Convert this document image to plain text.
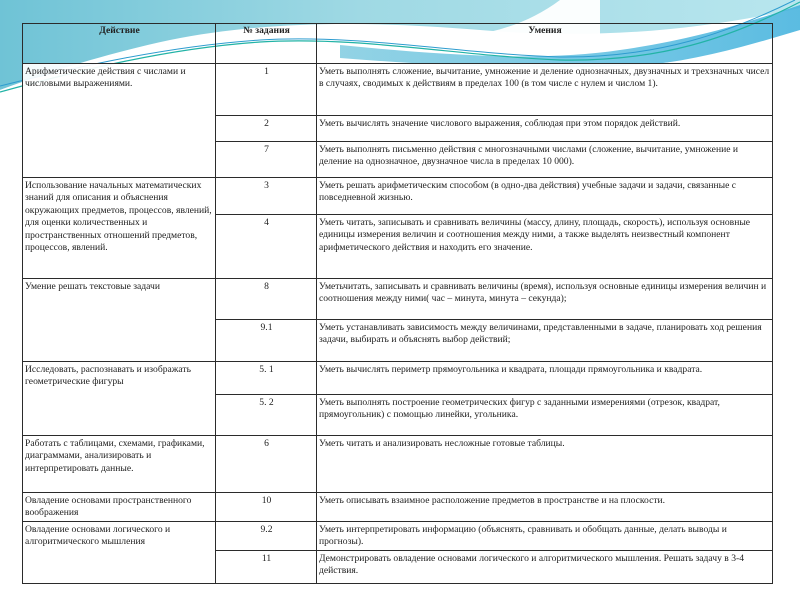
Действие	№ задания	Умения
Арифметические действия с числами и числовыми выражениями.	1	Уметь выполнять сложение, вычитание, умножение и деление однозначных, двузначных и трехзначных чисел в случаях, сводимых к действиям в пределах 100 (в том числе с нулем и числом 1).
	2	Уметь вычислять значение числового выражения, соблюдая при этом порядок действий.
	7	Уметь выполнять письменно действия с многозначными числами (сложение, вычитание, умножение и деление на однозначное, двузначное числа в пределах 10 000).
Использование начальных математических знаний для описания и объяснения окружающих предметов, процессов, явлений, для оценки количественных и пространственных отношений предметов, процессов, явлений.	3	Уметь решать арифметическим способом (в одно-два действия) учебные задачи и задачи, связанные с повседневной жизнью.
	4	Уметь читать, записывать и сравнивать величины (массу, длину, площадь, скорость), используя основные единицы измерения величин и соотношения между ними, а также выделять неизвестный компонент арифметического действия и находить его значение.
Умение решать текстовые задачи	8	Уметьчитать, записывать и сравнивать величины (время), используя основные единицы измерения величин и соотношения между ними( час – минута, минута – секунда);
	9.1	Уметь устанавливать зависимость между величинами, представленными в задаче, планировать ход решения задачи, выбирать и объяснять выбор действий;
Исследовать, распознавать и изображать геометрические фигуры	5. 1	Уметь вычислять периметр прямоугольника и квадрата, площади прямоугольника и квадрата.
	5. 2	Уметь выполнять построение геометрических фигур с заданными измерениями (отрезок, квадрат, прямоугольник) с помощью линейки, угольника.
Работать с таблицами, схемами, графиками, диаграммами, анализировать и интерпретировать данные.	6	Уметь читать и анализировать несложные готовые таблицы.
Овладение основами пространственного воображения	10	Уметь описывать взаимное расположение предметов в пространстве и на плоскости.
Овладение основами логического и алгоритмического мышления	9.2	Уметь интерпретировать информацию (объяснять, сравнивать и обобщать данные, делать выводы и прогнозы).
	11	Демонстрировать овладение основами логического и алгоритмического мышления. Решать задачу в 3-4 действия.
